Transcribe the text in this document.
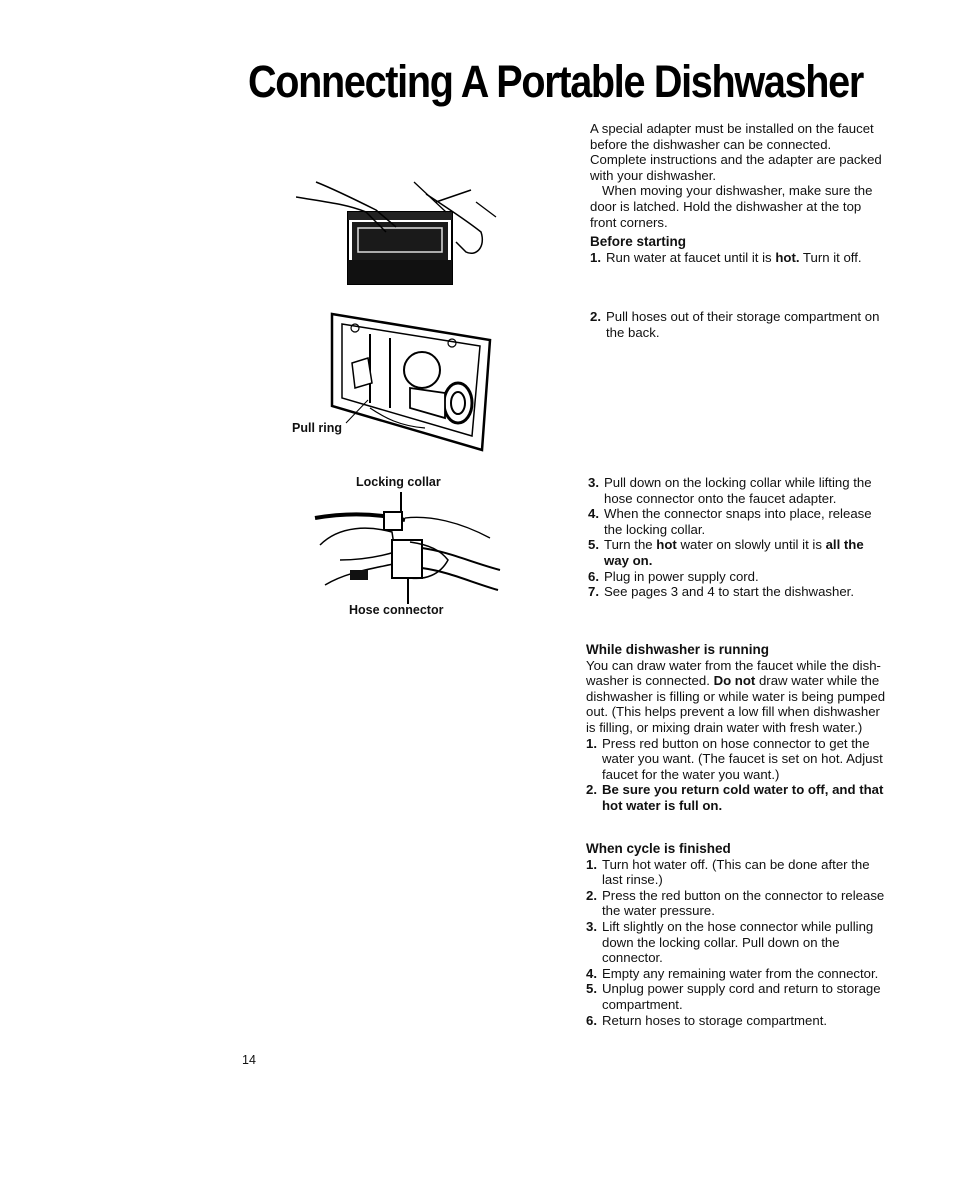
Connecting A Portable Dishwasher

A special adapter must be installed on the faucet before the dishwasher can be connected. Complete instructions and the adapter are packed with your dishwasher.

When moving your dishwasher, make sure the door is latched. Hold the dishwasher at the top front corners.

Before starting

1. Run water at faucet until it is hot. Turn it off.
2. Pull hoses out of their storage compartment on the back.
3. Pull down on the locking collar while lifting the hose connector onto the faucet adapter.
4. When the connector snaps into place, release the locking collar.
5. Turn the hot water on slowly until it is all the way on.
6. Plug in power supply cord.
7. See pages 3 and 4 to start the dishwasher.

While dishwasher is running

You can draw water from the faucet while the dish-washer is connected. Do not draw water while the dishwasher is filling or while water is being pumped out. (This helps prevent a low fill when dishwasher is filling, or mixing drain water with fresh water.)

1. Press red button on hose connector to get the water you want. (The faucet is set on hot. Adjust faucet for the water you want.)
2. Be sure you return cold water to off, and that hot water is full on.

When cycle is finished

1. Turn hot water off. (This can be done after the last rinse.)
2. Press the red button on the connector to release the water pressure.
3. Lift slightly on the hose connector while pulling down the locking collar. Pull down on the connector.
4. Empty any remaining water from the connector.
5. Unplug power supply cord and return to storage compartment.
6. Return hoses to storage compartment.
Pull ring
Locking collar
Hose connector
14
